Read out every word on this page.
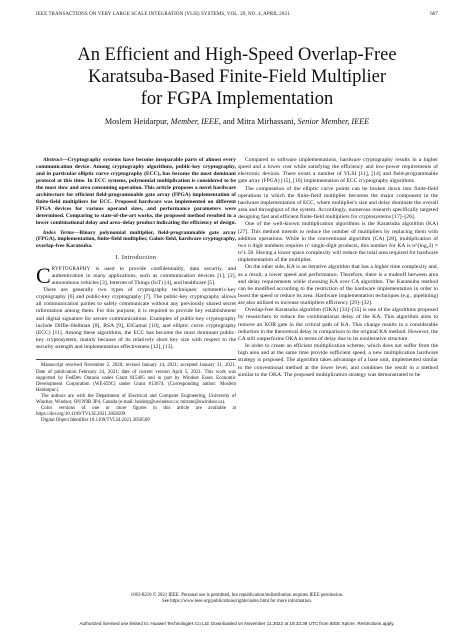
IEEE TRANSACTIONS ON VERY LARGE SCALE INTEGRATION (VLSI) SYSTEMS, VOL. 29, NO. 4, APRIL 2021	667
An Efficient and High-Speed Overlap-Free
Karatsuba-Based Finite-Field Multiplier
for FGPA Implementation
Moslem Heidarpur, Member, IEEE, and Mitra Mirhassani, Senior Member, IEEE

Abstract—Cryptography systems have become inseparable parts of almost every communication device. Among cryptography algorithms, public-key cryptography, and in particular elliptic curve cryptography (ECC), has become the most dominant protocol at this time. In ECC systems, polynomial multiplication is considered to be the most slow and area consuming operation. This article proposes a novel hardware architecture for efficient field-programmable gate array (FPGA) implementation of finite-field multipliers for ECC. Proposed hardware was implemented on different FPGA devices for various operand sizes, and performance parameters were determined. Comparing to state-of-the-art works, the proposed method resulted in a lower combinational delay and area–delay product indicating the efficiency of design.

Index Terms—Binary polynomial multiplier, field-programmable gate array (FPGA), implementation, finite-field multiplier, Galois field, hardware cryptography, overlap-free Karatsuba.

I. Introduction

CRYPTOGRAPHY is used to provide confidentiality, data security, and authentication in many applications, such as communication devices [1], [2], autonomous vehicles [3], Internet of Things (IoT) [4], and healthcare [5].

There are generally two types of cryptography techniques: symmetric-key cryptography [6] and public-key cryptography [7]. The public-key cryptography allows all communication parties to safely communicate without any previously shared secret information among them. For this purpose, it is required to provide key establishment and digital signature for secure communications. Examples of public-key cryptography include Diffie–Hellman [8], RSA [9], ElGamal [10], and elliptic curve cryptography (ECC) [11]. Among these algorithms, the ECC has become the most dominant public-key cryptosystem, mainly because of its relatively short key size with respect to the security strength and implementation effectiveness [12], [13].

Manuscript received November 2, 2020; revised January 14, 2021; accepted January 31, 2021. Date of publication February 24, 2021; date of current version April 5, 2021. This work was supported by FedDev Ontario under Grant 815405 and in part by Windsor Essex Economic Development Corporation (WE-EDC) under Grant 813674. (Corresponding author: Moslem Heidarpur.)

The authors are with the Department of Electrical and Computer Engineering, University of Windsor, Windsor, ON N9B 3P4, Canada (e-mail: heidarp@uwindsor.ca; mitram@uwindsor.ca).

Color versions of one or more figures in this article are available at https://doi.org/10.1109/TVLSI.2021.3058509.

Digital Object Identifier 10.1109/TVLSI.2021.3058509

Compared to software implementations, hardware cryptography results in a higher speed and a lower cost while satisfying the efficiency and low-power requirements of electronic devices. There exists a number of VLSI [11], [14] and field-programmable gate array (FPGA) [15], [16] implementation of ECC cryptography algorithms.

The computation of the elliptic curve points can be broken down into finite-field operations in which the finite-field multiplier becomes the major component in the hardware implementation of ECC, where multiplier's size and delay dominate the overall area and throughput of the system. Accordingly, numerous research specifically targeted designing fast and efficient finite-field multipliers for cryptosystems [17]–[26].

One of the well-known multiplication algorithms is the Karatsuba algorithm (KA) [27]. This method intends to reduce the number of multipliers by replacing them with addition operations. While in the conventional algorithm (CA) [28], multiplication of two n digit numbers requires n² single-digit products, this number for KA is n^(log₂3) ≈ n^1.58. Having a lower space complexity will reduce the total area required for hardware implementation of the multiplier.

On the other side, KA is an iterative algorithm that has a higher time complexity and, as a result, a lower speed and performance. Therefore, there is a tradeoff between area and delay requirements while choosing KA over CA algorithm. The Karatsuba method can be modified according to the restriction of the hardware implementation in order to boost the speed or reduce its area. Hardware implementation techniques (e.g., pipelining) are also utilized to increase multipliers efficiency [29]–[32].

Overlap-free Karatsuba algorithm (OKA) [33]–[35] is one of the algorithms proposed by researchers to reduce the combinational delay of the KA. This algorithm aims to remove an XOR gate in the critical path of KA. This change results in a considerable reduction in the theoretical delay in comparison to the original KA method. However, the CA still outperforms OKA in terms of delay due to its noniterative structure.

In order to create an efficient multiplication scheme, which does not suffer from the high area and at the same time provide sufficient speed, a new multiplication hardware strategy is proposed. The algorithm takes advantage of a base unit, implemented similar to the conventional method at the lower level, and combines the result in a method similar to the OKA. The proposed multiplication strategy was demonstrated to be

1063-8210 © 2021 IEEE. Personal use is permitted, but republication/redistribution requires IEEE permission.
See https://www.ieee.org/publications/rights/index.html for more information.
Authorized licensed use limited to: Huawei Technologies Co Ltd. Downloaded on November 11,2022 at 18:33:39 UTC from IEEE Xplore. Restrictions apply.
